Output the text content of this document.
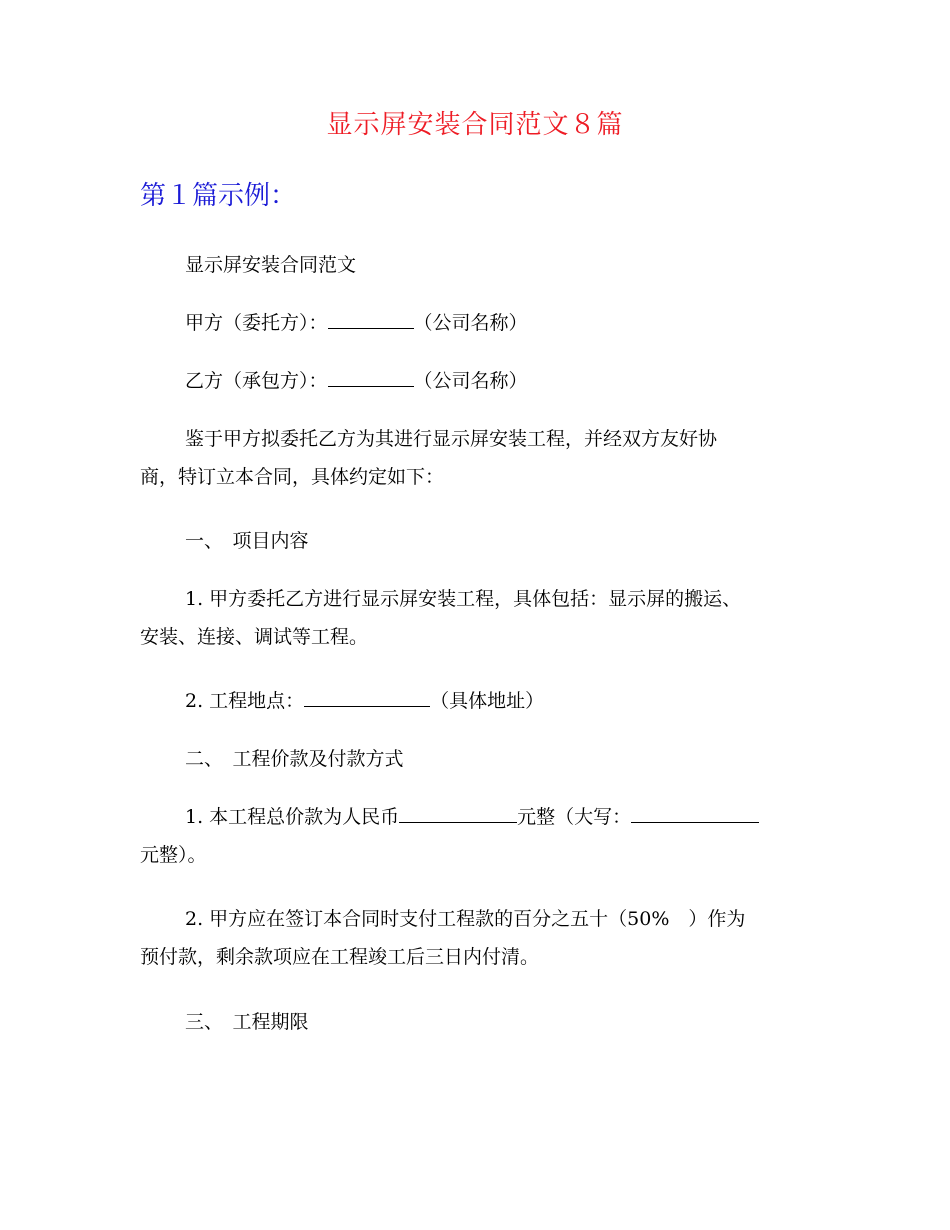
显示屏安装合同范文８篇
第１篇示例：

显示屏安装合同范文

甲方（委托方）：	（公司名称）

乙方（承包方）：	（公司名称）

鉴于甲方拟委托乙方为其进行显示屏安装工程，并经双方友好协
商，特订立本合同，具体约定如下：

一、　项目内容

1. 甲方委托乙方进行显示屏安装工程，具体包括：显示屏的搬运、
安装、连接、调试等工程。

2. 工程地点：	（具体地址）

二、　工程价款及付款方式

1. 本工程总价款为人民币	元整（大写：
元整）。

2. 甲方应在签订本合同时支付工程款的百分之五十（50%　）作为
预付款，剩余款项应在工程竣工后三日内付清。

三、　工程期限
